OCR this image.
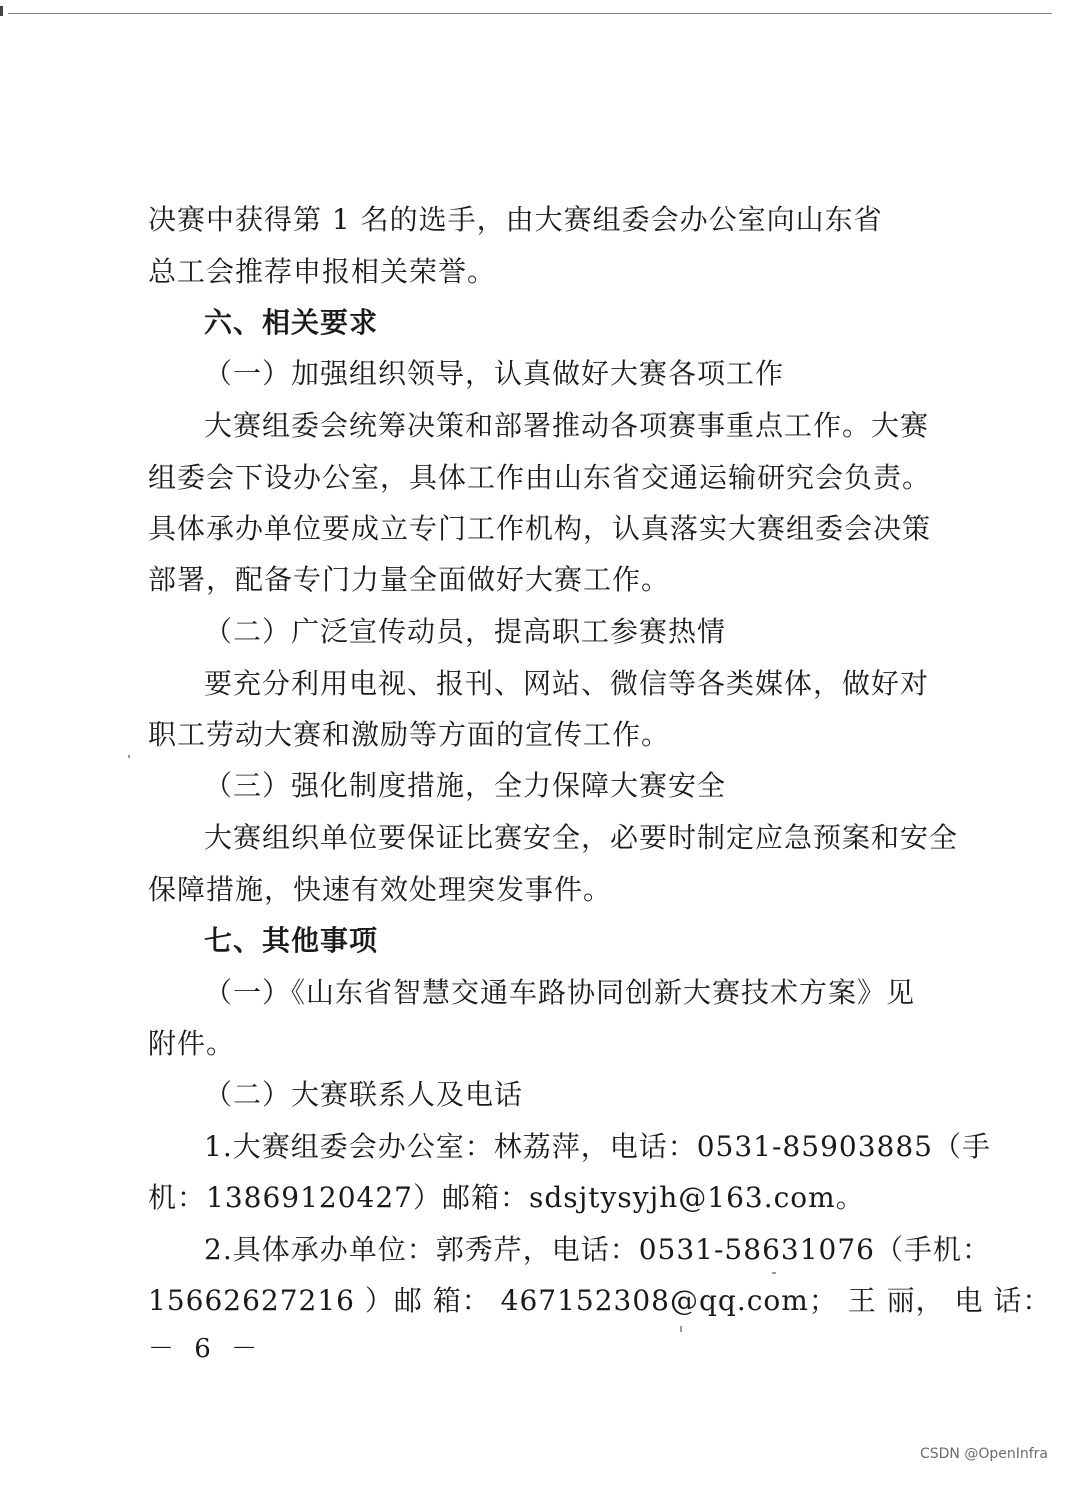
决赛中获得第 1 名的选手，由大赛组委会办公室向山东省
总工会推荐申报相关荣誉。
六、相关要求
（一）加强组织领导，认真做好大赛各项工作
大赛组委会统筹决策和部署推动各项赛事重点工作。大赛
组委会下设办公室，具体工作由山东省交通运输研究会负责。
具体承办单位要成立专门工作机构，认真落实大赛组委会决策
部署，配备专门力量全面做好大赛工作。
（二）广泛宣传动员，提高职工参赛热情
要充分利用电视、报刊、网站、微信等各类媒体，做好对
职工劳动大赛和激励等方面的宣传工作。
（三）强化制度措施，全力保障大赛安全
大赛组织单位要保证比赛安全，必要时制定应急预案和安全
保障措施，快速有效处理突发事件。
七、其他事项
（一）《山东省智慧交通车路协同创新大赛技术方案》见
附件。
（二）大赛联系人及电话
1.大赛组委会办公室：林荔萍，电话：0531-85903885（手
机：13869120427）邮箱：sdsjtysyjh@163.com。
2.具体承办单位：郭秀芹，电话：0531-58631076（手机：
15662627216 ）邮 箱： 467152308@qq.com； 王 丽， 电 话：
－ 6 －
CSDN @OpenInfra
